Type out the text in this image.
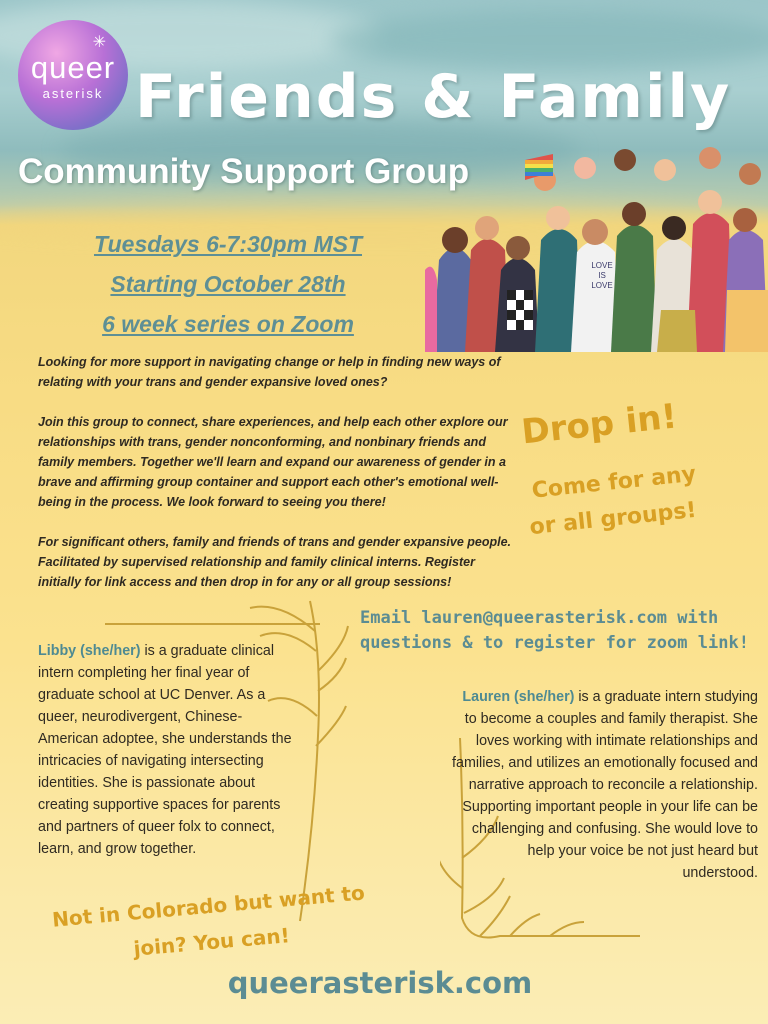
✳
queer
asterisk Friends & Family
Community Support Group
Tuesdays 6-7:30pm MST
Starting October 28th
6 week series on Zoom
LOVE
IS
LOVE

Looking for more support in navigating change or help in finding new ways of relating with your trans and gender expansive loved ones?

Join this group to connect, share experiences, and help each other explore our relationships with trans, gender nonconforming, and nonbinary friends and family members. Together we'll learn and expand our awareness of gender in a brave and affirming group container and support each other's emotional well-being in the process. We look forward to seeing you there!

For significant others, family and friends of trans and gender expansive people. Facilitated by supervised relationship and family clinical interns. Register initially for link access and then drop in for any or all group sessions!

Drop in!
Come for any
or all groups!
Email lauren@queerasterisk.com with questions & to register for zoom link!
Libby (she/her) is a graduate clinical intern completing her final year of graduate school at UC Denver. As a queer, neurodivergent, Chinese-American adoptee, she understands the intricacies of navigating intersecting identities. She is passionate about creating supportive spaces for parents and partners of queer folx to connect, learn, and grow together.
Lauren (she/her) is a graduate intern studying to become a couples and family therapist. She loves working with intimate relationships and families, and utilizes an emotionally focused and narrative approach to reconcile a relationship. Supporting important people in your life can be challenging and confusing. She would love to help your voice be not just heard but understood.
Not in Colorado but want to
join? You can!
queerasterisk.com
